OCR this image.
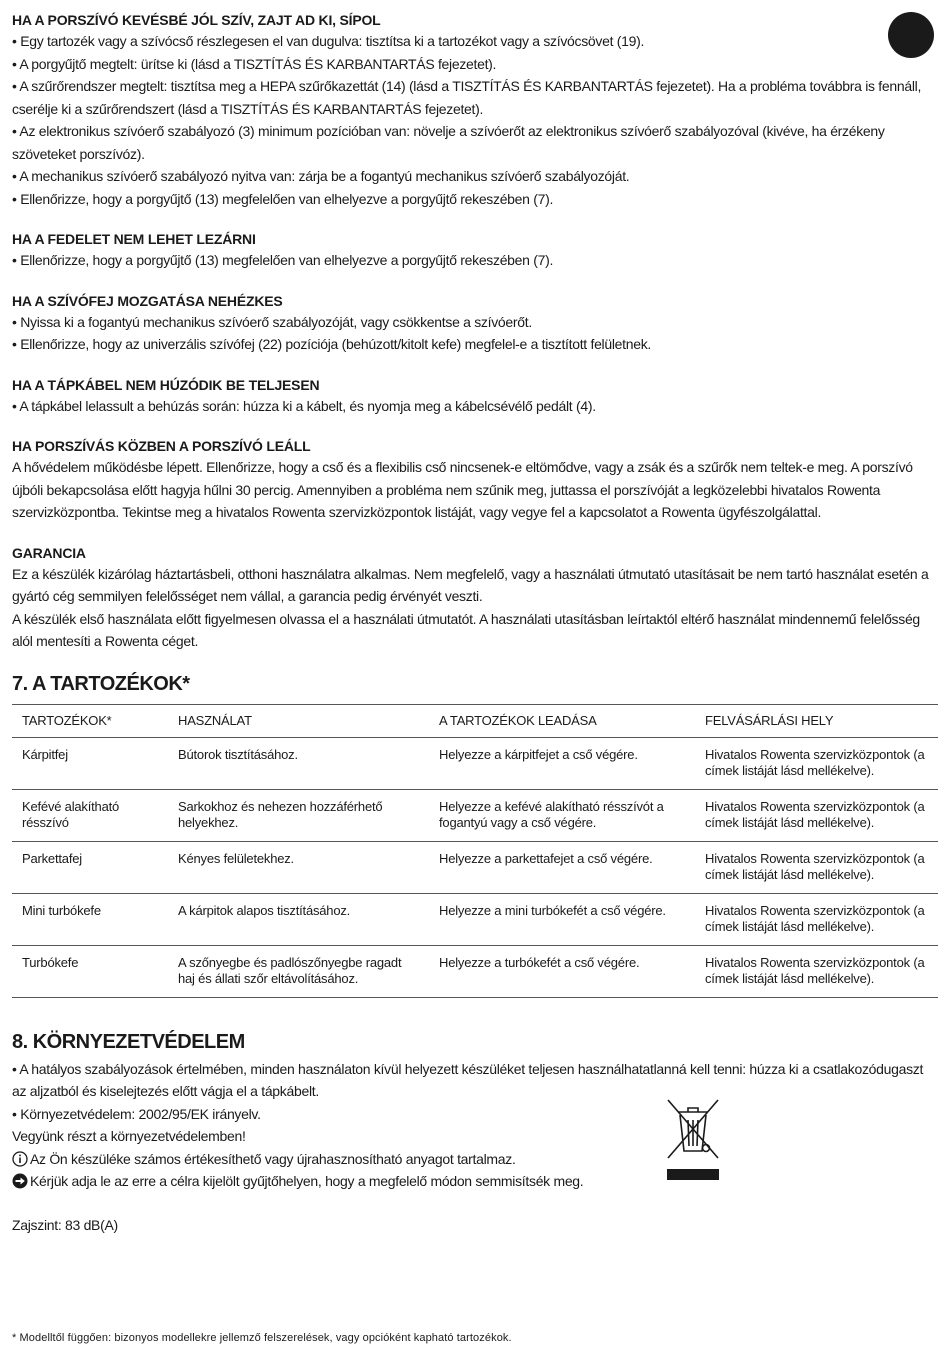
HA A PORSZÍVÓ KEVÉSBÉ JÓL SZÍV, ZAJT AD KI, SÍPOL

• Egy tartozék vagy a szívócső részlegesen el van dugulva: tisztítsa ki a tartozékot vagy a szívócsövet (19).

• A porgyűjtő megtelt: ürítse ki (lásd a TISZTÍTÁS ÉS KARBANTARTÁS fejezetet).

• A szűrőrendszer megtelt: tisztítsa meg a HEPA szűrőkazettát (14) (lásd a TISZTÍTÁS ÉS KARBANTARTÁS fejezetet). Ha a probléma továbbra is fennáll, cserélje ki a szűrőrendszert (lásd a TISZTÍTÁS ÉS KARBANTARTÁS fejezetet).

• Az elektronikus szívóerő szabályozó (3) minimum pozícióban van: növelje a szívóerőt az elektronikus szívóerő szabályozóval (kivéve, ha érzékeny szöveteket porszívóz).

• A mechanikus szívóerő szabályozó nyitva van: zárja be a fogantyú mechanikus szívóerő szabályozóját.

• Ellenőrizze, hogy a porgyűjtő (13) megfelelően van elhelyezve a porgyűjtő rekeszében (7).

HA A FEDELET NEM LEHET LEZÁRNI

• Ellenőrizze, hogy a porgyűjtő (13) megfelelően van elhelyezve a porgyűjtő rekeszében (7).

HA A SZÍVÓFEJ MOZGATÁSA NEHÉZKES

• Nyissa ki a fogantyú mechanikus szívóerő szabályozóját, vagy csökkentse a szívóerőt.

• Ellenőrizze, hogy az univerzális szívófej (22) pozíciója (behúzott/kitolt kefe) megfelel-e a tisztított felületnek.

HA A TÁPKÁBEL NEM HÚZÓDIK BE TELJESEN

• A tápkábel lelassult a behúzás során: húzza ki a kábelt, és nyomja meg a kábelcsévélő pedált (4).

HA PORSZÍVÁS KÖZBEN A PORSZÍVÓ LEÁLL

A hővédelem működésbe lépett. Ellenőrizze, hogy a cső és a flexibilis cső nincsenek-e eltömődve, vagy a zsák és a szűrők nem teltek-e meg. A porszívó újbóli bekapcsolása előtt hagyja hűlni 30 percig. Amennyiben a probléma nem szűnik meg, juttassa el porszívóját a legközelebbi hivatalos Rowenta szervizközpontba. Tekintse meg a hivatalos Rowenta szervizközpontok listáját, vagy vegye fel a kapcsolatot a Rowenta ügyfészolgálattal.

GARANCIA

Ez a készülék kizárólag háztartásbeli, otthoni használatra alkalmas. Nem megfelelő, vagy a használati útmutató utasításait be nem tartó használat esetén a gyártó cég semmilyen felelősséget nem vállal, a garancia pedig érvényét veszti.

A készülék első használata előtt figyelmesen olvassa el a használati útmutatót. A használati utasításban leírtaktól eltérő használat mindennemű felelősség alól mentesíti a Rowenta céget.

7. A TARTOZÉKOK*
TARTOZÉKOK*	HASZNÁLAT	A TARTOZÉKOK LEADÁSA	FELVÁSÁRLÁSI HELY
Kárpitfej	Bútorok tisztításához.	Helyezze a kárpitfejet a cső végére.	Hivatalos Rowenta szervizközpontok (a címek listáját lásd mellékelve).
Kefévé alakítható résszívó	Sarkokhoz és nehezen hozzáférhető helyekhez.	Helyezze a kefévé alakítható résszívót a fogantyú vagy a cső végére.	Hivatalos Rowenta szervizközpontok (a címek listáját lásd mellékelve).
Parkettafej	Kényes felületekhez.	Helyezze a parkettafejet a cső végére.	Hivatalos Rowenta szervizközpontok (a címek listáját lásd mellékelve).
Mini turbókefe	A kárpitok alapos tisztításához.	Helyezze a mini turbókefét a cső végére.	Hivatalos Rowenta szervizközpontok (a címek listáját lásd mellékelve).
Turbókefe	A szőnyegbe és padlószőnyegbe ragadt haj és állati szőr eltávolításához.	Helyezze a turbókefét a cső végére.	Hivatalos Rowenta szervizközpontok (a címek listáját lásd mellékelve).
8. KÖRNYEZETVÉDELEM

• A hatályos szabályozások értelmében, minden használaton kívül helyezett készüléket teljesen használhatatlanná kell tenni: húzza ki a csatlakozódugaszt az aljzatból és kiselejtezés előtt vágja el a tápkábelt.

• Környezetvédelem: 2002/95/EK irányelv.

Vegyünk részt a környezetvédelemben!

Az Ön készüléke számos értékesíthető vagy újrahasznosítható anyagot tartalmaz.

Kérjük adja le az erre a célra kijelölt gyűjtőhelyen, hogy a megfelelő módon semmisítsék meg.

Zajszint: 83 dB(A)

* Modelltől függően: bizonyos modellekre jellemző felszerelések, vagy opcióként kapható tartozékok.
